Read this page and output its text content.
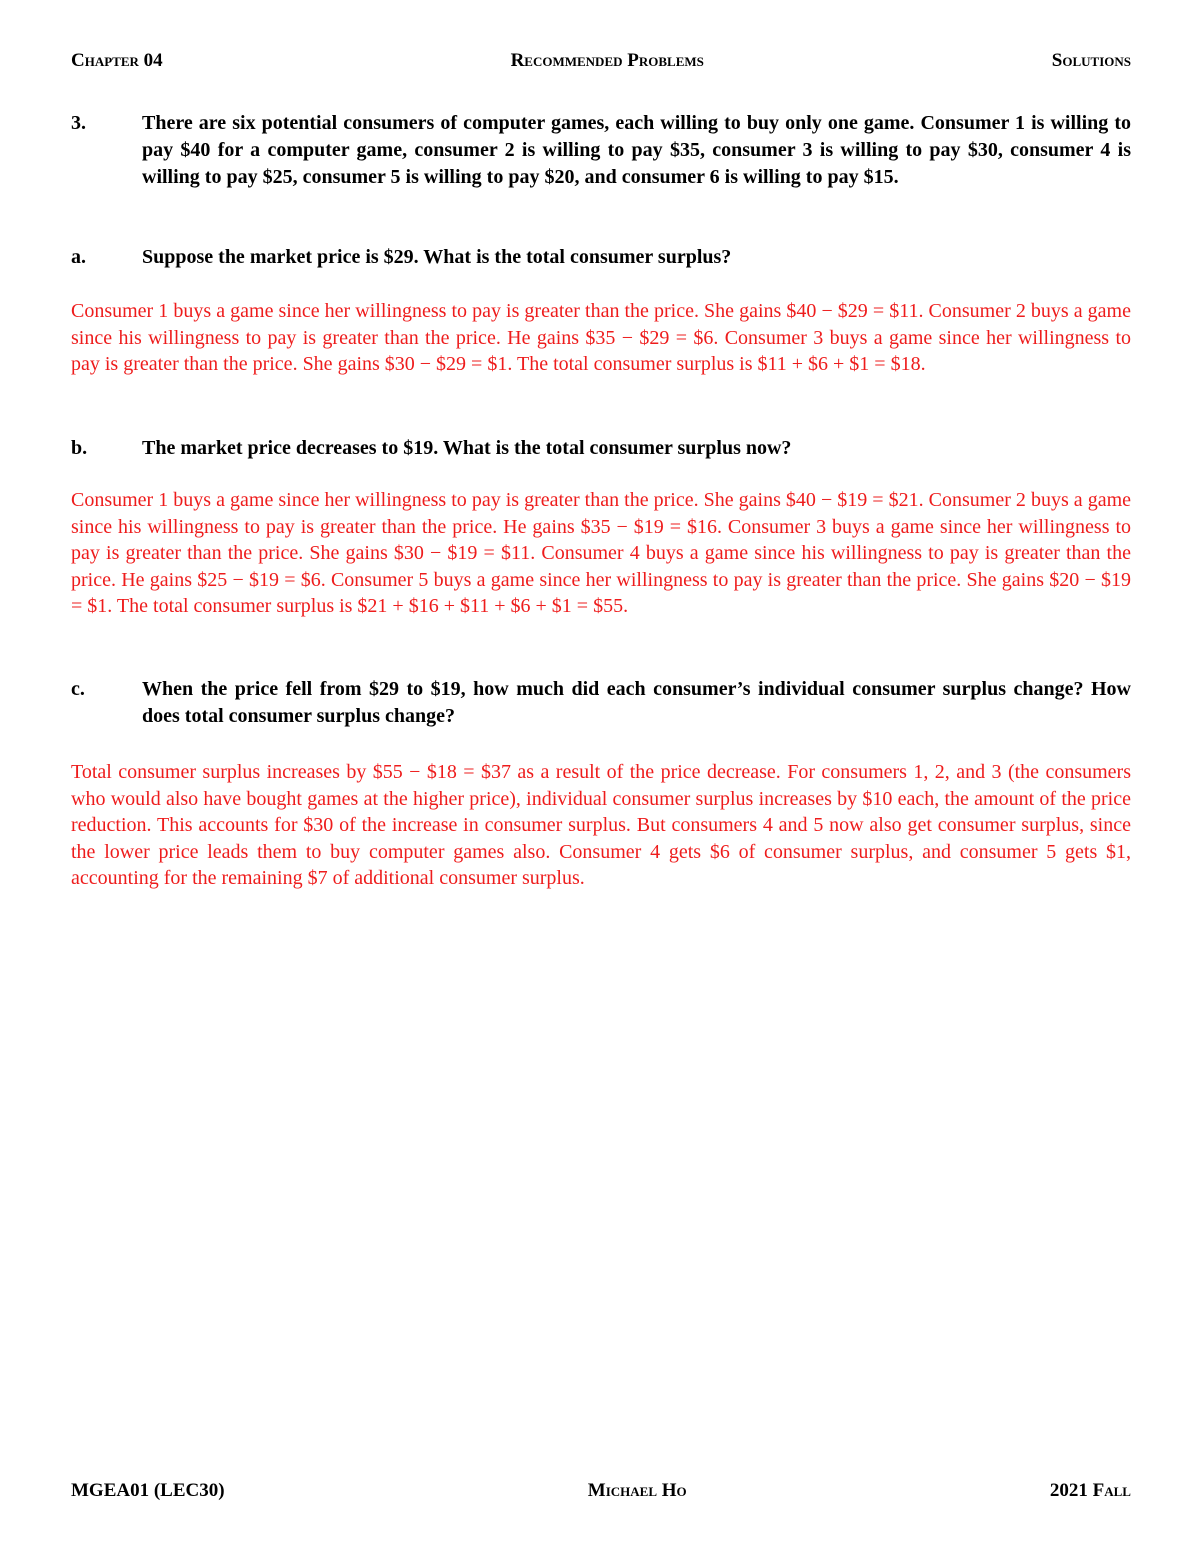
Chapter 04	Recommended Problems	Solutions
3.	There are six potential consumers of computer games, each willing to buy only one game. Consumer 1 is willing to pay $40 for a computer game, consumer 2 is willing to pay $35, consumer 3 is willing to pay $30, consumer 4 is willing to pay $25, consumer 5 is willing to pay $20, and consumer 6 is willing to pay $15.
a.	Suppose the market price is $29. What is the total consumer surplus?
Consumer 1 buys a game since her willingness to pay is greater than the price. She gains $40 − $29 = $11. Consumer 2 buys a game since his willingness to pay is greater than the price. He gains $35 − $29 = $6. Consumer 3 buys a game since her willingness to pay is greater than the price. She gains $30 − $29 = $1. The total consumer surplus is $11 + $6 + $1 = $18.
b.	The market price decreases to $19. What is the total consumer surplus now?
Consumer 1 buys a game since her willingness to pay is greater than the price. She gains $40 − $19 = $21. Consumer 2 buys a game since his willingness to pay is greater than the price. He gains $35 − $19 = $16. Consumer 3 buys a game since her willingness to pay is greater than the price. She gains $30 − $19 = $11. Consumer 4 buys a game since his willingness to pay is greater than the price. He gains $25 − $19 = $6. Consumer 5 buys a game since her willingness to pay is greater than the price. She gains $20 − $19 = $1. The total consumer surplus is $21 + $16 + $11 + $6 + $1 = $55.
c.	When the price fell from $29 to $19, how much did each consumer’s individual consumer surplus change? How does total consumer surplus change?
Total consumer surplus increases by $55 − $18 = $37 as a result of the price decrease. For consumers 1, 2, and 3 (the consumers who would also have bought games at the higher price), individual consumer surplus increases by $10 each, the amount of the price reduction. This accounts for $30 of the increase in consumer surplus. But consumers 4 and 5 now also get consumer surplus, since the lower price leads them to buy computer games also. Consumer 4 gets $6 of consumer surplus, and consumer 5 gets $1, accounting for the remaining $7 of additional consumer surplus.
MGEA01 (LEC30)	Michael Ho	2021 Fall
